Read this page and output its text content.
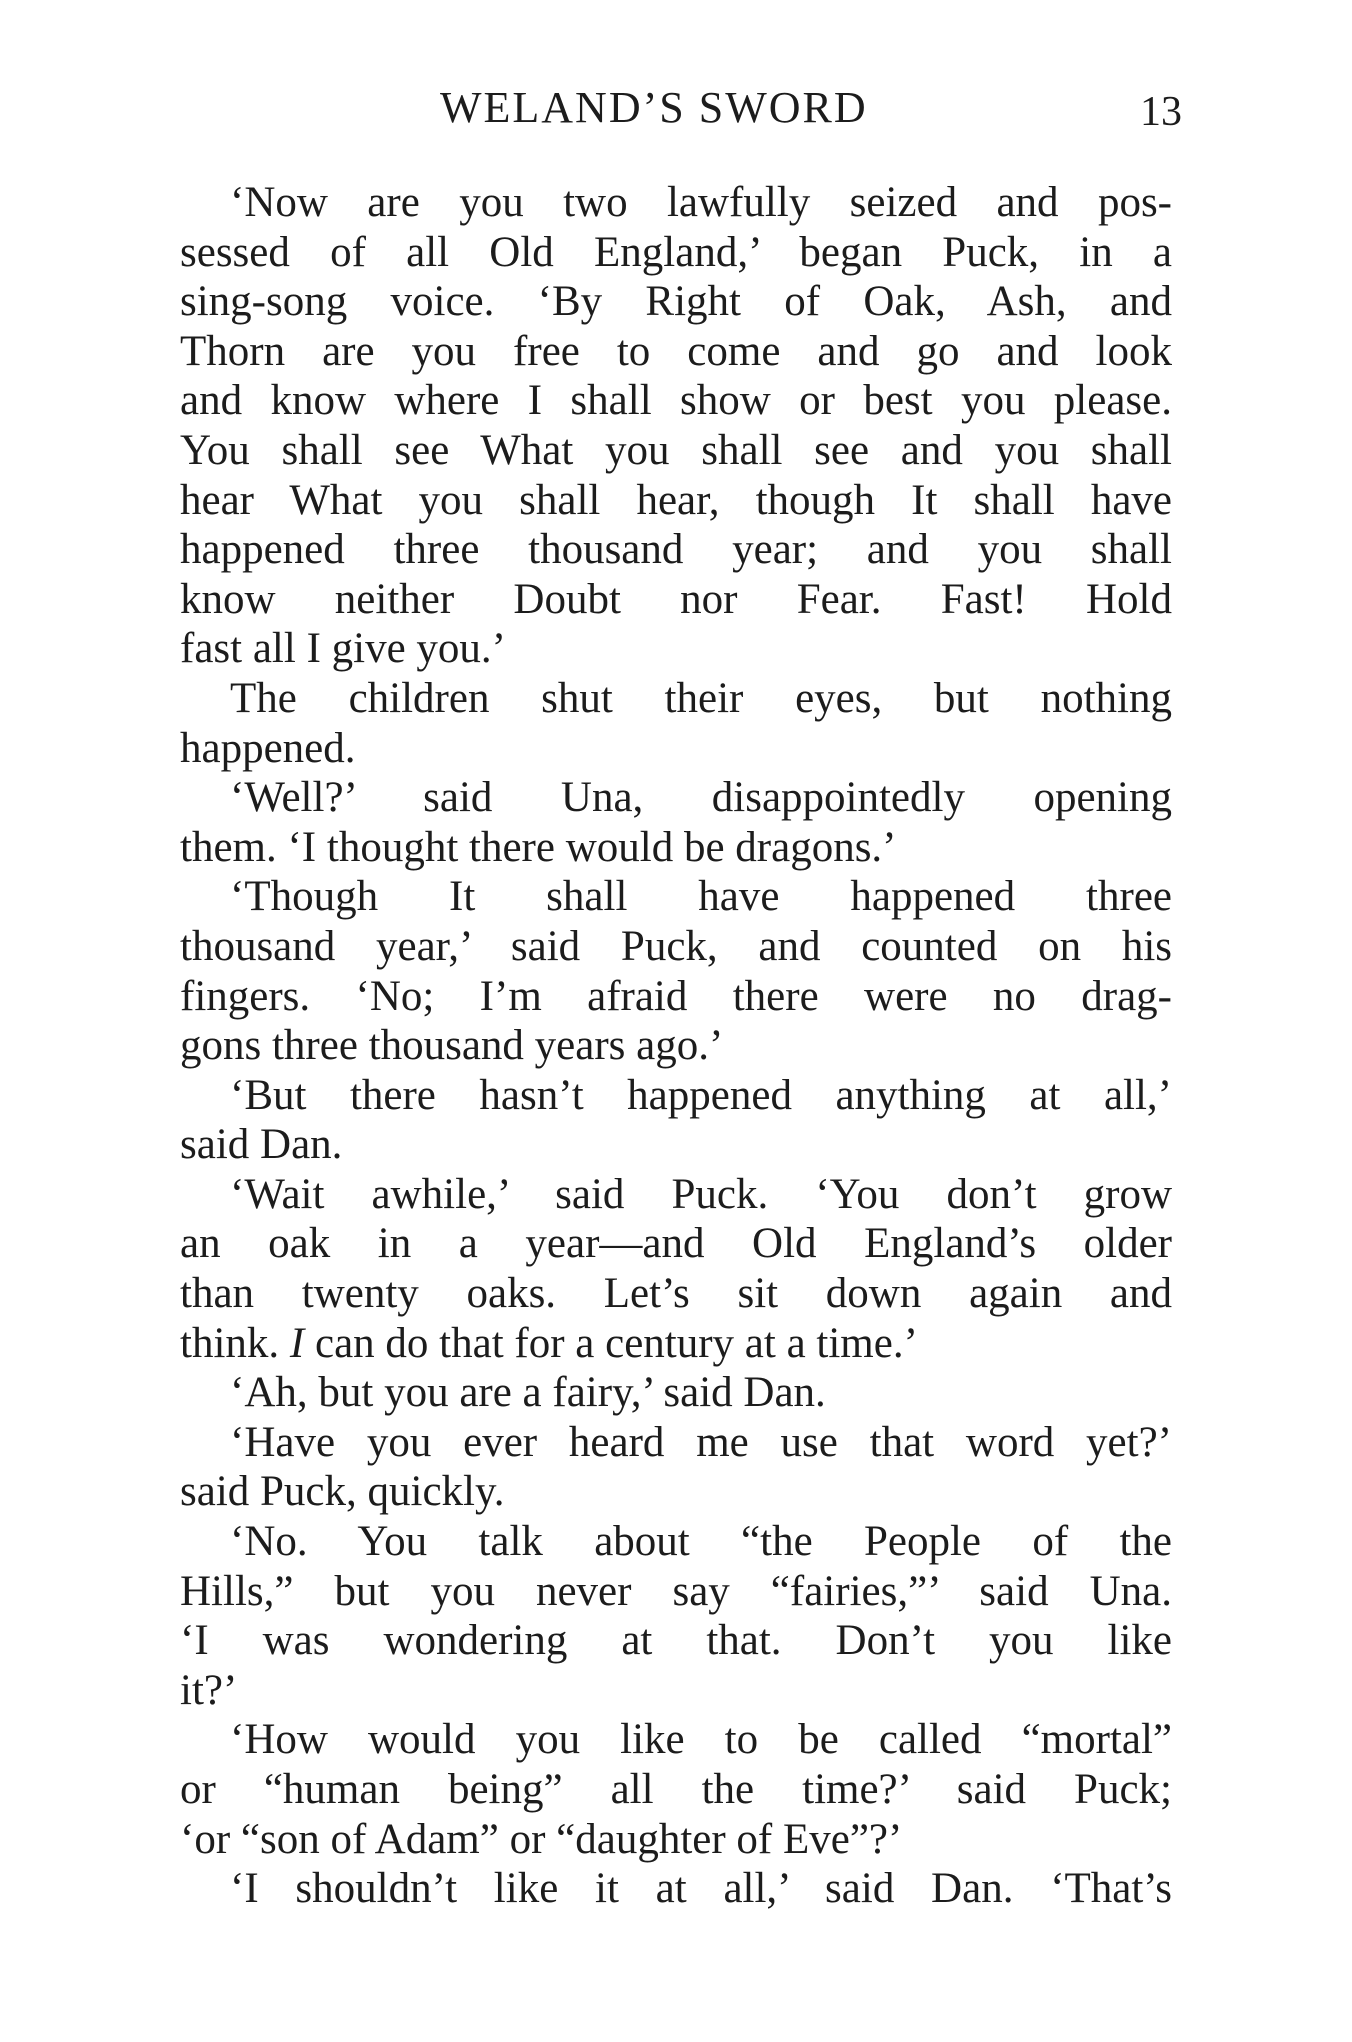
WELAND’S SWORD	13
‘Now are you two lawfully seized and pos-
sessed of all Old England,’ began Puck, in a
sing-song voice. ‘By Right of Oak, Ash, and
Thorn are you free to come and go and look
and know where I shall show or best you please.
You shall see What you shall see and you shall
hear What you shall hear, though It shall have
happened three thousand year; and you shall
know neither Doubt nor Fear. Fast! Hold
fast all I give you.’
The children shut their eyes, but nothing
happened.
‘Well?’ said Una, disappointedly opening
them. ‘I thought there would be dragons.’
‘Though It shall have happened three
thousand year,’ said Puck, and counted on his
fingers. ‘No; I’m afraid there were no drag-
gons three thousand years ago.’
‘But there hasn’t happened anything at all,’
said Dan.
‘Wait awhile,’ said Puck. ‘You don’t grow
an oak in a year—and Old England’s older
than twenty oaks. Let’s sit down again and
think. I can do that for a century at a time.’
‘Ah, but you are a fairy,’ said Dan.
‘Have you ever heard me use that word yet?’
said Puck, quickly.
‘No. You talk about “the People of the
Hills,” but you never say “fairies,”’ said Una.
‘I was wondering at that. Don’t you like
it?’
‘How would you like to be called “mortal”
or “human being” all the time?’ said Puck;
‘or “son of Adam” or “daughter of Eve”?’
‘I shouldn’t like it at all,’ said Dan. ‘That’s
